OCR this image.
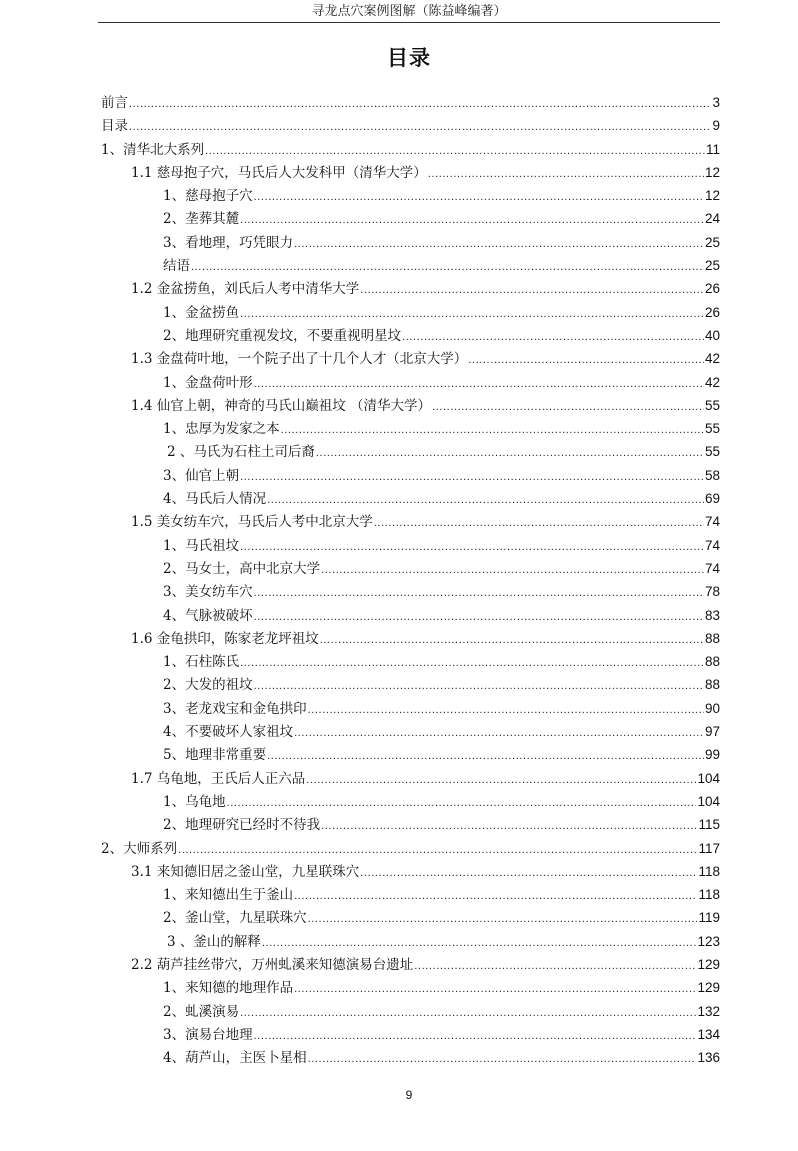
寻龙点穴案例图解（陈益峰编著）
目录
前言 .....	3
目录 .....	9
1、清华北大系列 .....	11
1.1 慈母抱子穴，马氏后人大发科甲（清华大学） .....	12
1、慈母抱子穴 .....	12
2、垄葬其麓 .....	24
3、看地理，巧凭眼力 .....	25
结语 .....	25
1.2 金盆捞鱼，刘氏后人考中清华大学 .....	26
1、金盆捞鱼 .....	26
2、地理研究重视发坟，不要重视明星坟 .....	40
1.3 金盘荷叶地，一个院子出了十几个人才（北京大学） .....	42
1、金盘荷叶形 .....	42
1.4 仙官上朝，神奇的马氏山巅祖坟 （清华大学） .....	55
1、忠厚为发家之本 .....	55
2 、马氏为石柱土司后裔 .....	55
3、仙官上朝 .....	58
4、马氏后人情况 .....	69
1.5 美女纺车穴，马氏后人考中北京大学 .....	74
1、马氏祖坟 .....	74
2、马女士，高中北京大学 .....	74
3、美女纺车穴 .....	78
4、气脉被破坏 .....	83
1.6 金龟拱印，陈家老龙坪祖坟 .....	88
1、石柱陈氏 .....	88
2、大发的祖坟 .....	88
3、老龙戏宝和金龟拱印 .....	90
4、不要破坏人家祖坟 .....	97
5、地理非常重要 .....	99
1.7 乌龟地，王氏后人正六品 .....	104
1、乌龟地 .....	104
2、地理研究已经时不待我 .....	115
2、大师系列 .....	117
3.1 来知德旧居之釜山堂，九星联珠穴 .....	118
1、来知德出生于釜山 .....	118
2、釜山堂，九星联珠穴 .....	119
3 、釜山的解释 .....	123
2.2 葫芦挂丝带穴，万州虬溪来知德演易台遗址 .....	129
1、来知德的地理作品 .....	129
2、虬溪演易 .....	132
3、演易台地理 .....	134
4、葫芦山，主医卜星相 .....	136
9
